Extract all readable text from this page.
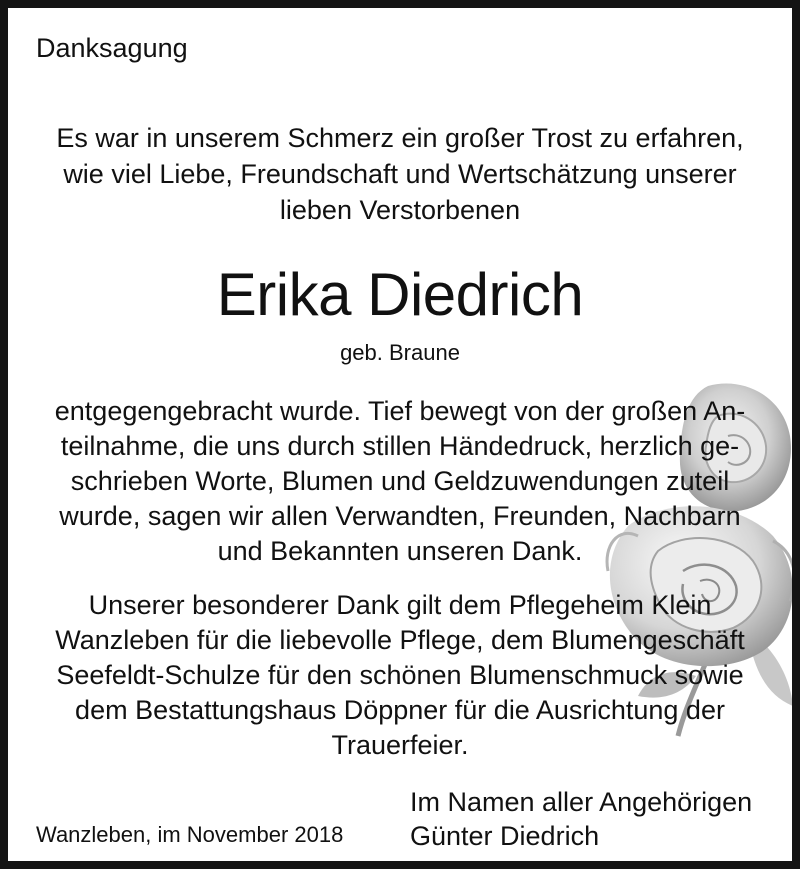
Danksagung

Es war in unserem Schmerz ein großer Trost zu erfahren,
wie viel Liebe, Freundschaft und Wertschätzung unserer
lieben Verstorbenen

Erika Diedrich

geb. Braune

entgegengebracht wurde. Tief bewegt von der großen An-
teilnahme, die uns durch stillen Händedruck, herzlich ge-
schrieben Worte, Blumen und Geldzuwendungen zuteil
wurde, sagen wir allen Verwandten, Freunden, Nachbarn
und Bekannten unseren Dank.

Unserer besonderer Dank gilt dem Pflegeheim Klein
Wanzleben für die liebevolle Pflege, dem Blumengeschäft
Seefeldt-Schulze für den schönen Blumenschmuck sowie
dem Bestattungshaus Döppner für die Ausrichtung der
Trauerfeier.

Wanzleben, im November 2018

Im Namen aller Angehörigen
Günter Diedrich
